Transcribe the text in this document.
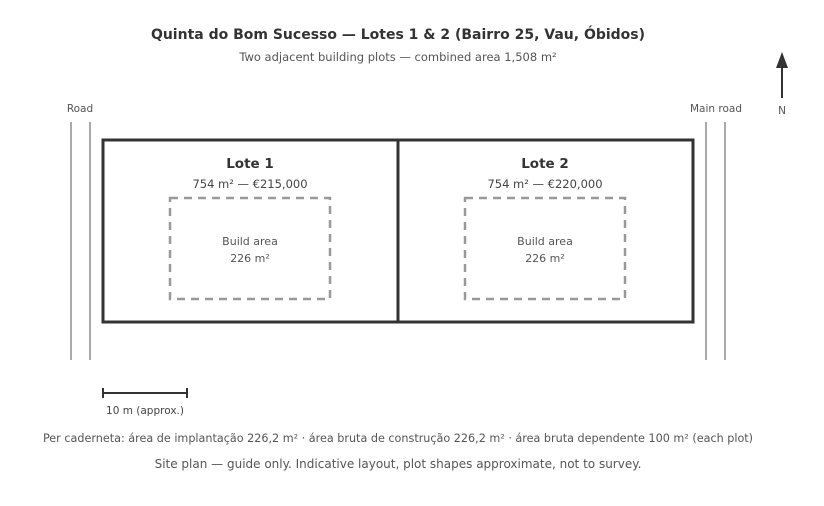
Quinta do Bom Sucesso — Lotes 1 & 2 (Bairro 25, Vau, Óbidos)
Two adjacent building plots — combined area 1,508 m²
N
Road	Main road
Lote 1
754 m² — €215,000
Build area
226 m²
Lote 2
754 m² — €220,000
Build area
226 m²
10 m (approx.)
Per caderneta: área de implantação 226,2 m² · área bruta de construção 226,2 m² · área bruta dependente 100 m² (each plot)
Site plan — guide only. Indicative layout, plot shapes approximate, not to survey.
